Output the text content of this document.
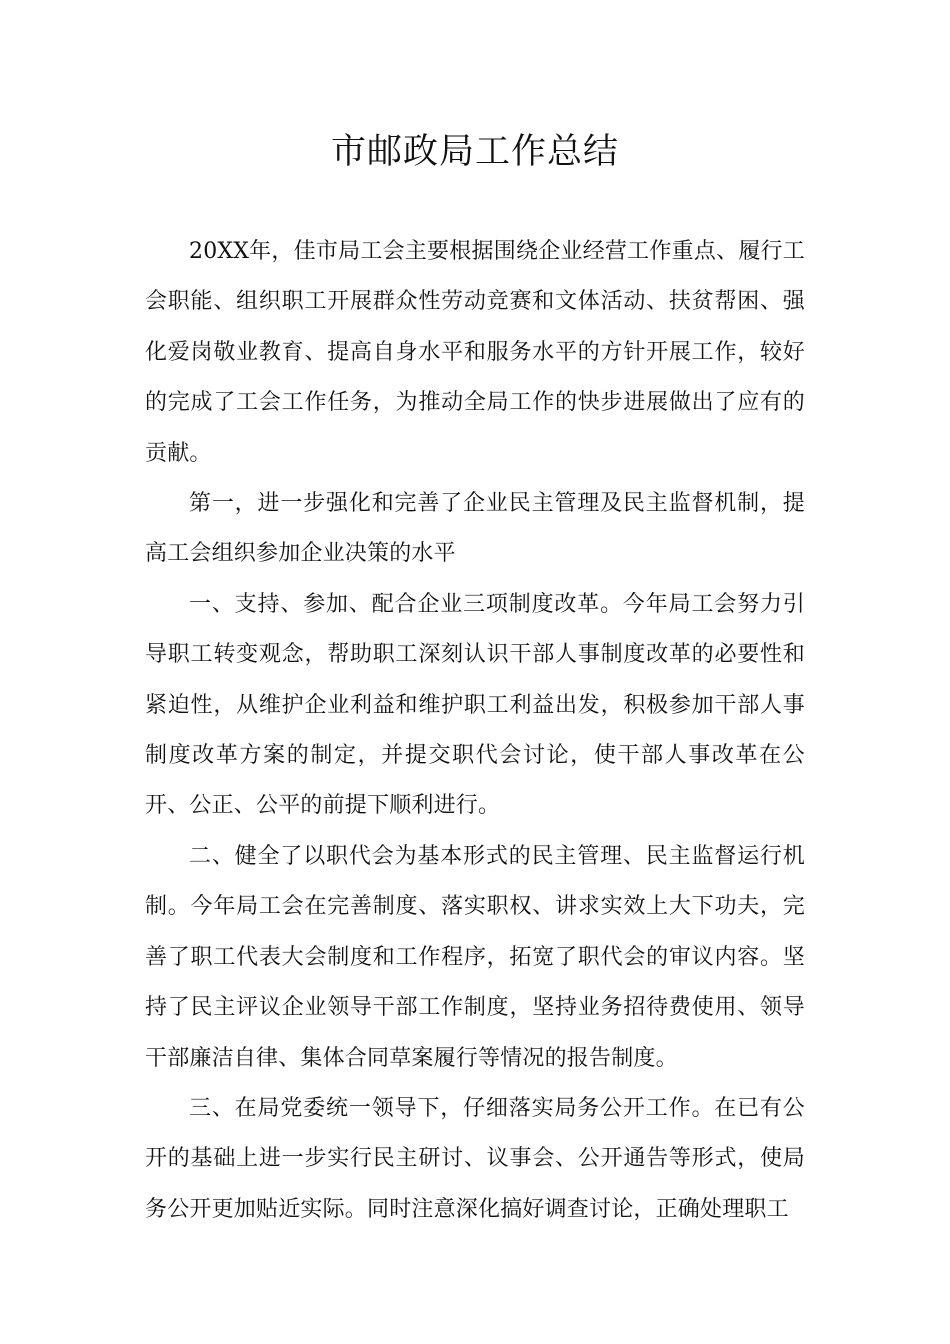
市邮政局工作总结

20XX年，佳市局工会主要根据围绕企业经营工作重点、履行工会职能、组织职工开展群众性劳动竞赛和文体活动、扶贫帮困、强化爱岗敬业教育、提高自身水平和服务水平的方针开展工作，较好的完成了工会工作任务，为推动全局工作的快步进展做出了应有的贡献。

第一，进一步强化和完善了企业民主管理及民主监督机制，提高工会组织参加企业决策的水平

一、支持、参加、配合企业三项制度改革。今年局工会努力引导职工转变观念，帮助职工深刻认识干部人事制度改革的必要性和紧迫性，从维护企业利益和维护职工利益出发，积极参加干部人事制度改革方案的制定，并提交职代会讨论，使干部人事改革在公开、公正、公平的前提下顺利进行。

二、健全了以职代会为基本形式的民主管理、民主监督运行机制。今年局工会在完善制度、落实职权、讲求实效上大下功夫，完善了职工代表大会制度和工作程序，拓宽了职代会的审议内容。坚持了民主评议企业领导干部工作制度，坚持业务招待费使用、领导干部廉洁自律、集体合同草案履行等情况的报告制度。

三、在局党委统一领导下，仔细落实局务公开工作。在已有公开的基础上进一步实行民主研讨、议事会、公开通告等形式，使局务公开更加贴近实际。同时注意深化搞好调查讨论，正确处理职工
